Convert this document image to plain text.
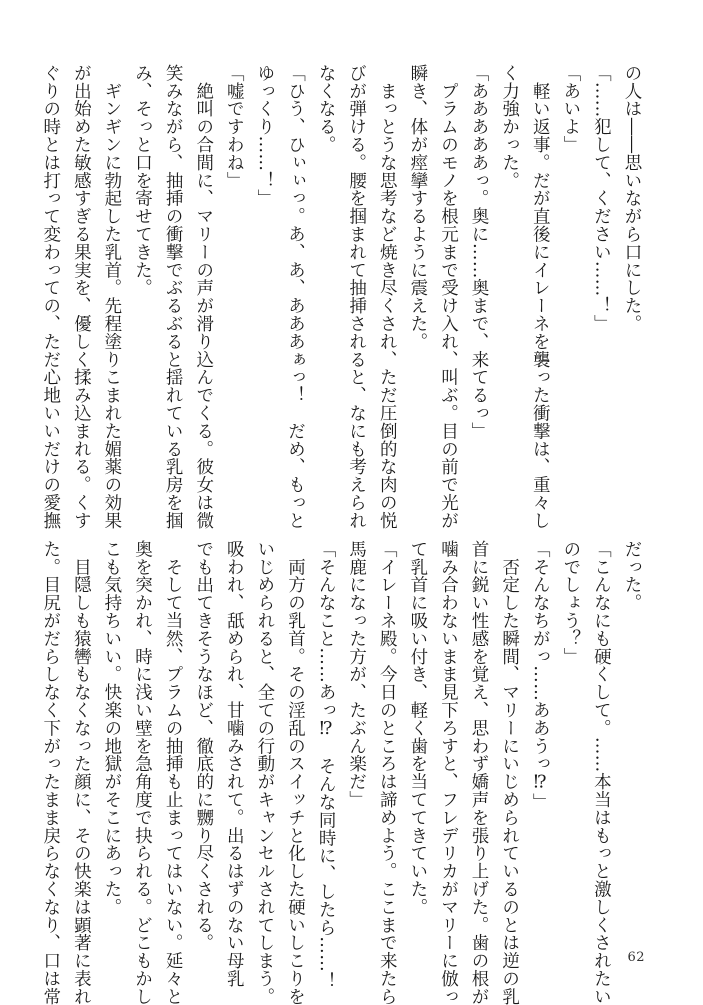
の人は――思いながら口にした。
「……犯して、ください……！」
「あいよ」
　軽い返事。だが直後にイレーネを襲った衝撃は、重々し
く力強かった。
「あああああっ。奥に……奥まで、来てるっ」
　プラムのモノを根元まで受け入れ、叫ぶ。目の前で光が
瞬き、体が痙攣するように震えた。
　まっとうな思考など焼き尽くされ、ただ圧倒的な肉の悦
びが弾ける。腰を掴まれて抽挿されると、なにも考えられ
なくなる。
「ひう、ひぃぃっ。あ、あ、あああぁっ！　だめ、もっと
ゆっくり……！」
「嘘ですわね」
　絶叫の合間に、マリーの声が滑り込んでくる。彼女は微
笑みながら、抽挿の衝撃でぶるぶると揺れている乳房を掴
み、そっと口を寄せてきた。
　ギンギンに勃起した乳首。先程塗りこまれた媚薬の効果
が出始めた敏感すぎる果実を、優しく揉み込まれる。くす
ぐりの時とは打って変わっての、ただ心地いいだけの愛撫
だった。
「こんなにも硬くして。……本当はもっと激しくされたい
のでしょう？」
「そんなちがっ……ああうっ⁉」
　否定した瞬間、マリーにいじめられているのとは逆の乳
首に鋭い性感を覚え、思わず嬌声を張り上げた。歯の根が
噛み合わないまま見下ろすと、フレデリカがマリーに倣っ
て乳首に吸い付き、軽く歯を当ててきていた。
「イレーネ殿。今日のところは諦めよう。ここまで来たら
馬鹿になった方が、たぶん楽だ」
「そんなこと……あっ⁉　そんな同時に、したら……！
　両方の乳首。その淫乱のスイッチと化した硬いしこりを
いじめられると、全ての行動がキャンセルされてしまう。
吸われ、舐められ、甘噛みされて。出るはずのない母乳
でも出てきそうなほど、徹底的に嬲り尽くされる。
　そして当然、プラムの抽挿も止まってはいない。延々と
奥を突かれ、時に浅い壁を急角度で抉られる。どこもかし
こも気持ちいい。快楽の地獄がそこにあった。
　目隠しも猿轡もなくなった顔に、その快楽は顕著に表れ
た。目尻がだらしなく下がったまま戻らなくなり、口は常	62
